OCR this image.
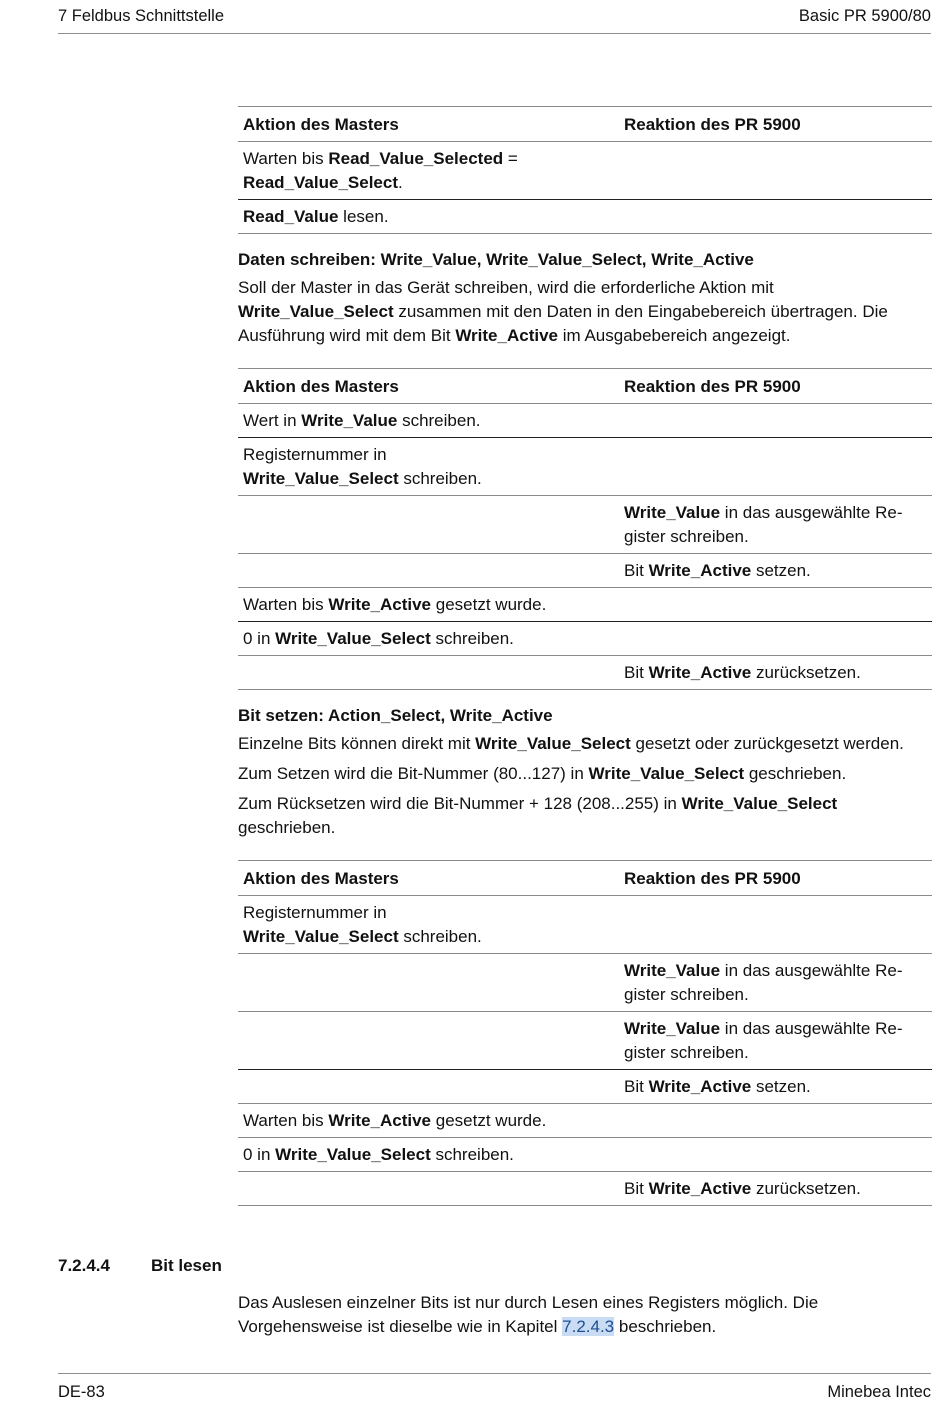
7 Feldbus Schnittstelle	Basic PR 5900/80
Aktion des Masters	Reaktion des PR 5900
Warten bis Read_Value_Selected = Read_Value_Select.	
Read_Value lesen.	
Daten schreiben: Write_Value, Write_Value_Select, Write_Active

Soll der Master in das Gerät schreiben, wird die erforderliche Aktion mit Write_Value_Select zusammen mit den Daten in den Eingabebereich übertragen. Die Ausführung wird mit dem Bit Write_Active im Ausgabebereich angezeigt.

Aktion des Masters	Reaktion des PR 5900
Wert in Write_Value schreiben.	
Registernummer in
Write_Value_Select schreiben.	
	Write_Value in das ausgewählte Register schreiben.
	Bit Write_Active setzen.
Warten bis Write_Active gesetzt wurde.	
0 in Write_Value_Select schreiben.	
	Bit Write_Active zurücksetzen.
Bit setzen: Action_Select, Write_Active

Einzelne Bits können direkt mit Write_Value_Select gesetzt oder zurückgesetzt werden.

Zum Setzen wird die Bit-Nummer (80...127) in Write_Value_Select geschrieben.

Zum Rücksetzen wird die Bit-Nummer + 128 (208...255) in Write_Value_Select
geschrieben.

Aktion des Masters	Reaktion des PR 5900
Registernummer in
Write_Value_Select schreiben.	
	Write_Value in das ausgewählte Register schreiben.
	Write_Value in das ausgewählte Register schreiben.
	Bit Write_Active setzen.
Warten bis Write_Active gesetzt wurde.	
0 in Write_Value_Select schreiben.	
	Bit Write_Active zurücksetzen.
7.2.4.4 Bit lesen
Das Auslesen einzelner Bits ist nur durch Lesen eines Registers möglich. Die Vorgehensweise ist dieselbe wie in Kapitel 7.2.4.3 beschrieben.
DE-83	Minebea Intec
